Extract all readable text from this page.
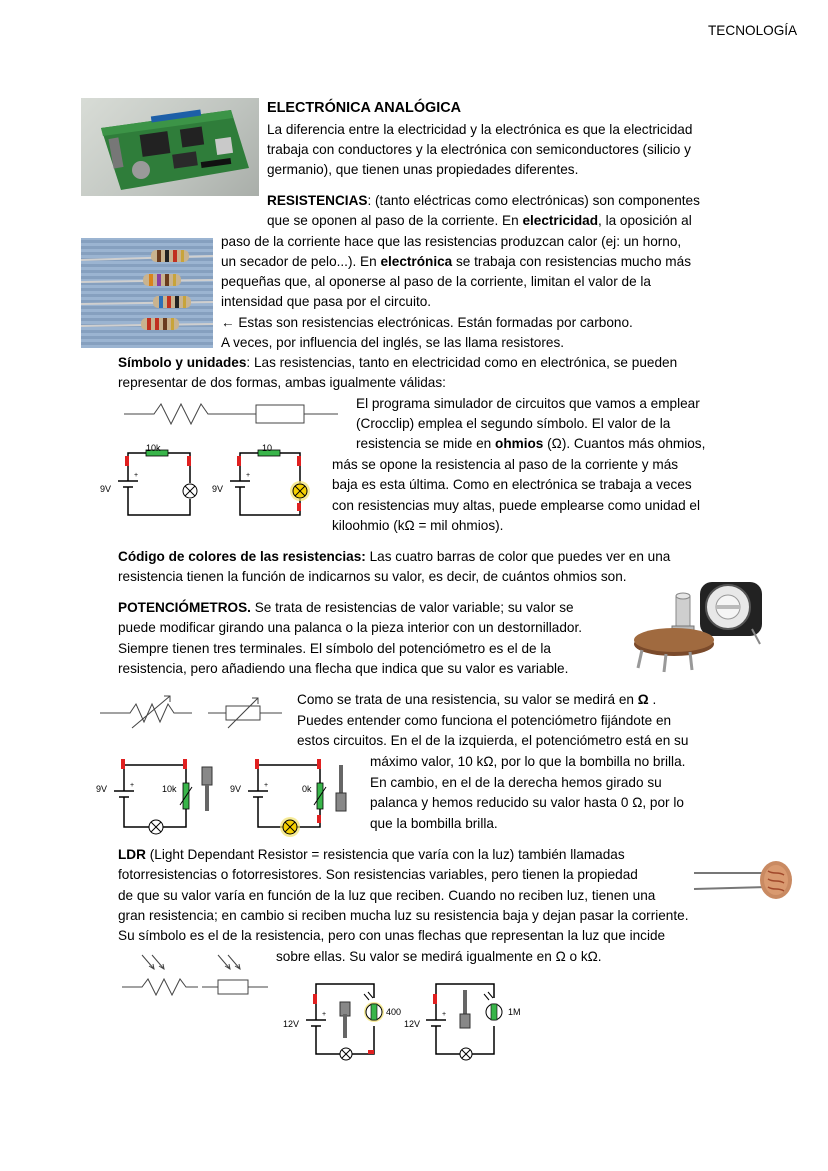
TECNOLOGÍA
ELECTRÓNICA ANALÓGICA
La diferencia entre la electricidad y la electrónica es que la electricidad
trabaja con conductores y la electrónica con semiconductores (silicio y
germanio), que tienen unas propiedades diferentes.
RESISTENCIAS: (tanto eléctricas como electrónicas) son componentes
que se oponen al paso de la corriente. En electricidad, la oposición al
paso de la corriente hace que las resistencias produzcan calor (ej: un horno,
un secador de pelo...). En electrónica se trabaja con resistencias mucho más
pequeñas que, al oponerse al paso de la corriente, limitan el valor de la
intensidad que pasa por el circuito.
← Estas son resistencias electrónicas. Están formadas por carbono.
A veces, por influencia del inglés, se las llama resistores.
Símbolo y unidades: Las resistencias, tanto en electricidad como en electrónica, se pueden
representar de dos formas, ambas igualmente válidas:
+
10k
9V
+
10
9V
El programa simulador de circuitos que vamos a emplear
(Crocclip) emplea el segundo símbolo. El valor de la
resistencia se mide en ohmios (Ω). Cuantos más ohmios,
más se opone la resistencia al paso de la corriente y más
baja es esta última. Como en electrónica se trabaja a veces
con resistencias muy altas, puede emplearse como unidad el
kiloohmio (kΩ = mil ohmios).
Código de colores de las resistencias: Las cuatro barras de color que puedes ver en una
resistencia tienen la función de indicarnos su valor, es decir, de cuántos ohmios son.
POTENCIÓMETROS. Se trata de resistencias de valor variable; su valor se
puede modificar girando una palanca o la pieza interior con un destornillador.
Siempre tienen tres terminales. El símbolo del potenciómetro es el de la
resistencia, pero añadiendo una flecha que indica que su valor es variable.
Como se trata de una resistencia, su valor se medirá en Ω .
Puedes entender como funciona el potenciómetro fijándote en
estos circuitos. En el de la izquierda, el potenciómetro está en su
máximo valor, 10 kΩ, por lo que la bombilla no brilla.
En cambio, en el de la derecha hemos girado su
palanca y hemos reducido su valor hasta 0 Ω, por lo
que la bombilla brilla.
+
9V	10k	+
9V	0k
LDR (Light Dependant Resistor = resistencia que varía con la luz) también llamadas
fotorresistencias o fotorresistores. Son resistencias variables, pero tienen la propiedad
de que su valor varía en función de la luz que reciben. Cuando no reciben luz, tienen una
gran resistencia; en cambio si reciben mucha luz su resistencia baja y dejan pasar la corriente.
Su símbolo es el de la resistencia, pero con unas flechas que representan la luz que incide
sobre ellas. Su valor se medirá igualmente en Ω o kΩ.
+
12V
400	+
12V
1M
